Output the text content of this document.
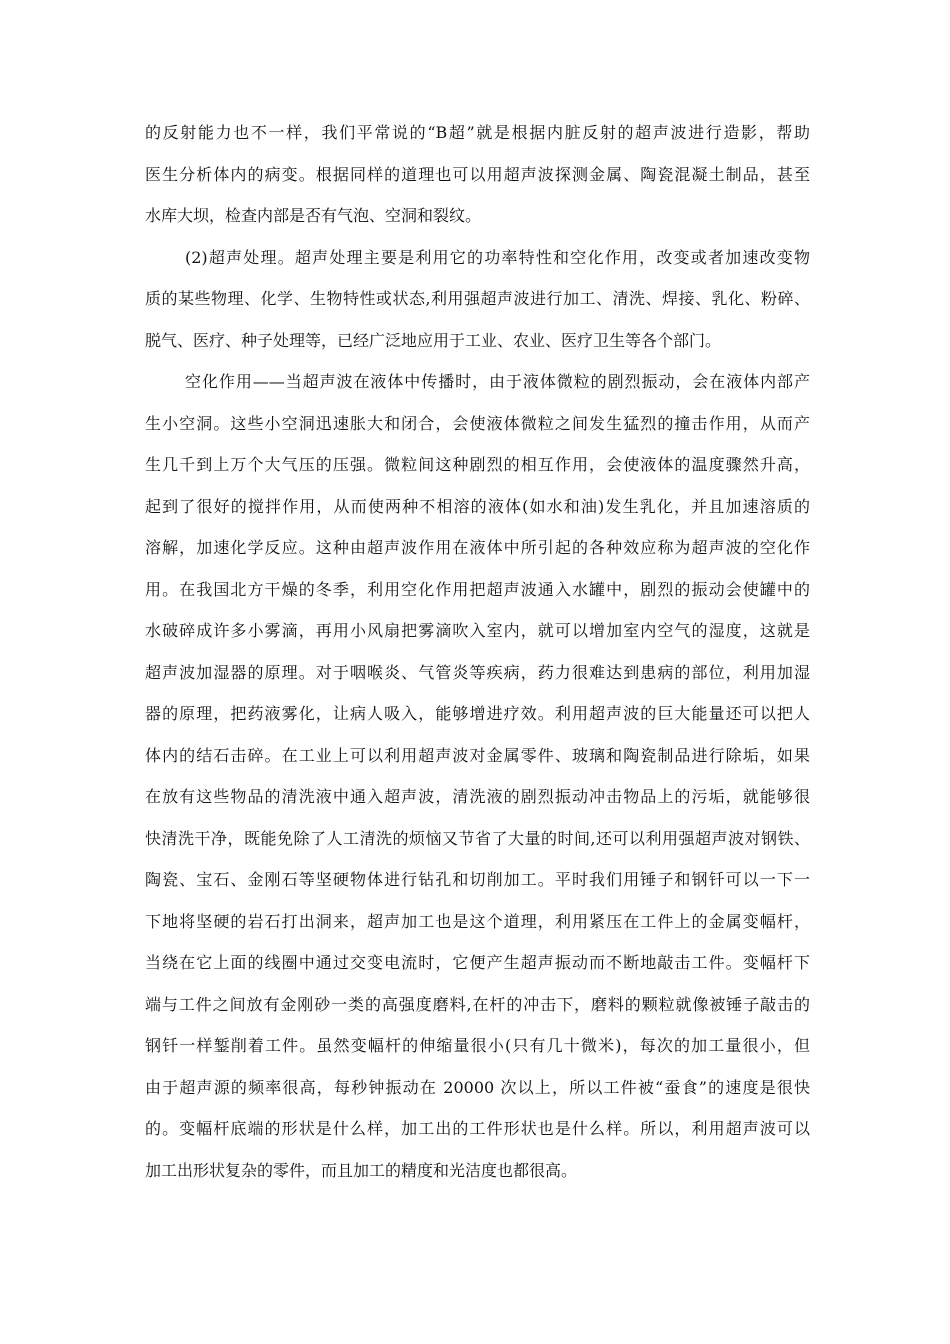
的反射能力也不一样，我们平常说的“B超”就是根据内脏反射的超声波进行造影，帮助
医生分析体内的病变。根据同样的道理也可以用超声波探测金属、陶瓷混凝土制品，甚至
水库大坝，检查内部是否有气泡、空洞和裂纹。
(2)超声处理。超声处理主要是利用它的功率特性和空化作用，改变或者加速改变物
质的某些物理、化学、生物特性或状态,利用强超声波进行加工、清洗、焊接、乳化、粉碎、
脱气、医疗、种子处理等，已经广泛地应用于工业、农业、医疗卫生等各个部门。
空化作用——当超声波在液体中传播时，由于液体微粒的剧烈振动，会在液体内部产
生小空洞。这些小空洞迅速胀大和闭合，会使液体微粒之间发生猛烈的撞击作用，从而产
生几千到上万个大气压的压强。微粒间这种剧烈的相互作用，会使液体的温度骤然升高，
起到了很好的搅拌作用，从而使两种不相溶的液体(如水和油)发生乳化，并且加速溶质的
溶解，加速化学反应。这种由超声波作用在液体中所引起的各种效应称为超声波的空化作
用。在我国北方干燥的冬季，利用空化作用把超声波通入水罐中，剧烈的振动会使罐中的
水破碎成许多小雾滴，再用小风扇把雾滴吹入室内，就可以增加室内空气的湿度，这就是
超声波加湿器的原理。对于咽喉炎、气管炎等疾病，药力很难达到患病的部位，利用加湿
器的原理，把药液雾化，让病人吸入，能够增进疗效。利用超声波的巨大能量还可以把人
体内的结石击碎。在工业上可以利用超声波对金属零件、玻璃和陶瓷制品进行除垢，如果
在放有这些物品的清洗液中通入超声波，清洗液的剧烈振动冲击物品上的污垢，就能够很
快清洗干净，既能免除了人工清洗的烦恼又节省了大量的时间,还可以利用强超声波对钢铁、
陶瓷、宝石、金刚石等坚硬物体进行钻孔和切削加工。平时我们用锤子和钢钎可以一下一
下地将坚硬的岩石打出洞来，超声加工也是这个道理，利用紧压在工件上的金属变幅杆，
当绕在它上面的线圈中通过交变电流时，它便产生超声振动而不断地敲击工件。变幅杆下
端与工件之间放有金刚砂一类的高强度磨料,在杆的冲击下，磨料的颗粒就像被锤子敲击的
钢钎一样錾削着工件。虽然变幅杆的伸缩量很小(只有几十微米)，每次的加工量很小，但
由于超声源的频率很高，每秒钟振动在 20000 次以上，所以工件被“蚕食”的速度是很快
的。变幅杆底端的形状是什么样，加工出的工件形状也是什么样。所以，利用超声波可以
加工出形状复杂的零件，而且加工的精度和光洁度也都很高。
